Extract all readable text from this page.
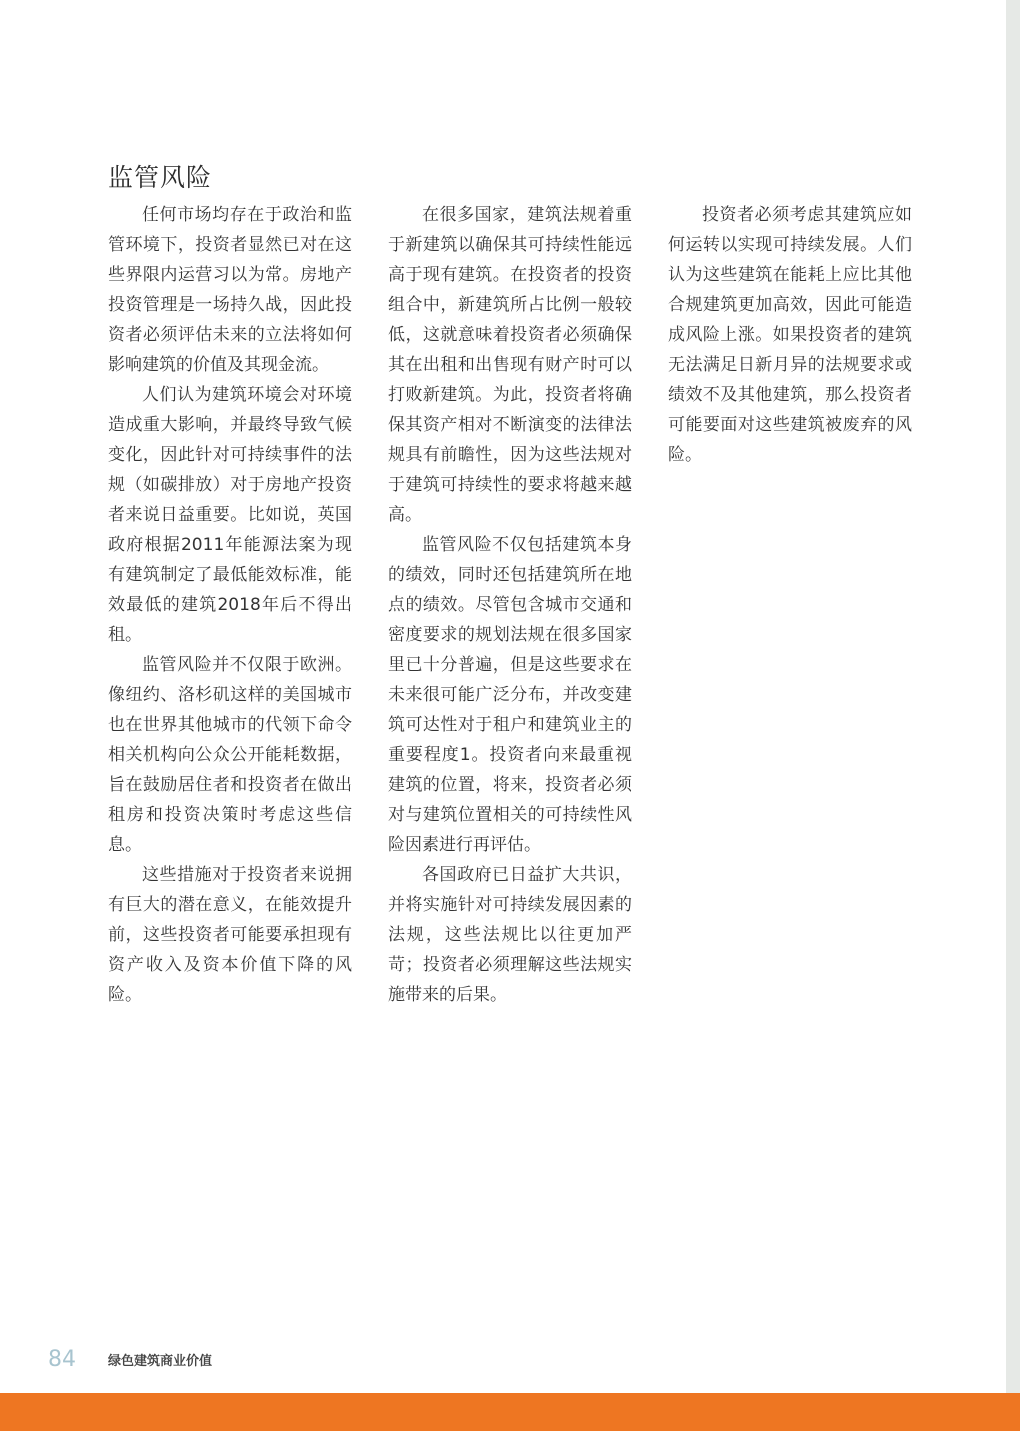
监管风险

任何市场均存在于政治和监管环境下，投资者显然已对在这些界限内运营习以为常。房地产投资管理是一场持久战，因此投资者必须评估未来的立法将如何影响建筑的价值及其现金流。

人们认为建筑环境会对环境造成重大影响，并最终导致气候变化，因此针对可持续事件的法规（如碳排放）对于房地产投资者来说日益重要。比如说，英国政府根据2011年能源法案为现有建筑制定了最低能效标准，能效最低的建筑2018年后不得出租。

监管风险并不仅限于欧洲。像纽约、洛杉矶这样的美国城市也在世界其他城市的代领下命令相关机构向公众公开能耗数据，旨在鼓励居住者和投资者在做出租房和投资决策时考虑这些信息。

这些措施对于投资者来说拥有巨大的潜在意义，在能效提升前，这些投资者可能要承担现有资产收入及资本价值下降的风险。

在很多国家，建筑法规着重于新建筑以确保其可持续性能远高于现有建筑。在投资者的投资组合中，新建筑所占比例一般较低，这就意味着投资者必须确保其在出租和出售现有财产时可以打败新建筑。为此，投资者将确保其资产相对不断演变的法律法规具有前瞻性，因为这些法规对于建筑可持续性的要求将越来越高。

监管风险不仅包括建筑本身的绩效，同时还包括建筑所在地点的绩效。尽管包含城市交通和密度要求的规划法规在很多国家里已十分普遍，但是这些要求在未来很可能广泛分布，并改变建筑可达性对于租户和建筑业主的重要程度1。投资者向来最重视建筑的位置，将来，投资者必须对与建筑位置相关的可持续性风险因素进行再评估。

各国政府已日益扩大共识，并将实施针对可持续发展因素的法规，这些法规比以往更加严苛；投资者必须理解这些法规实施带来的后果。

投资者必须考虑其建筑应如何运转以实现可持续发展。人们认为这些建筑在能耗上应比其他合规建筑更加高效，因此可能造成风险上涨。如果投资者的建筑无法满足日新月异的法规要求或绩效不及其他建筑，那么投资者可能要面对这些建筑被废弃的风险。

84 绿色建筑商业价值
